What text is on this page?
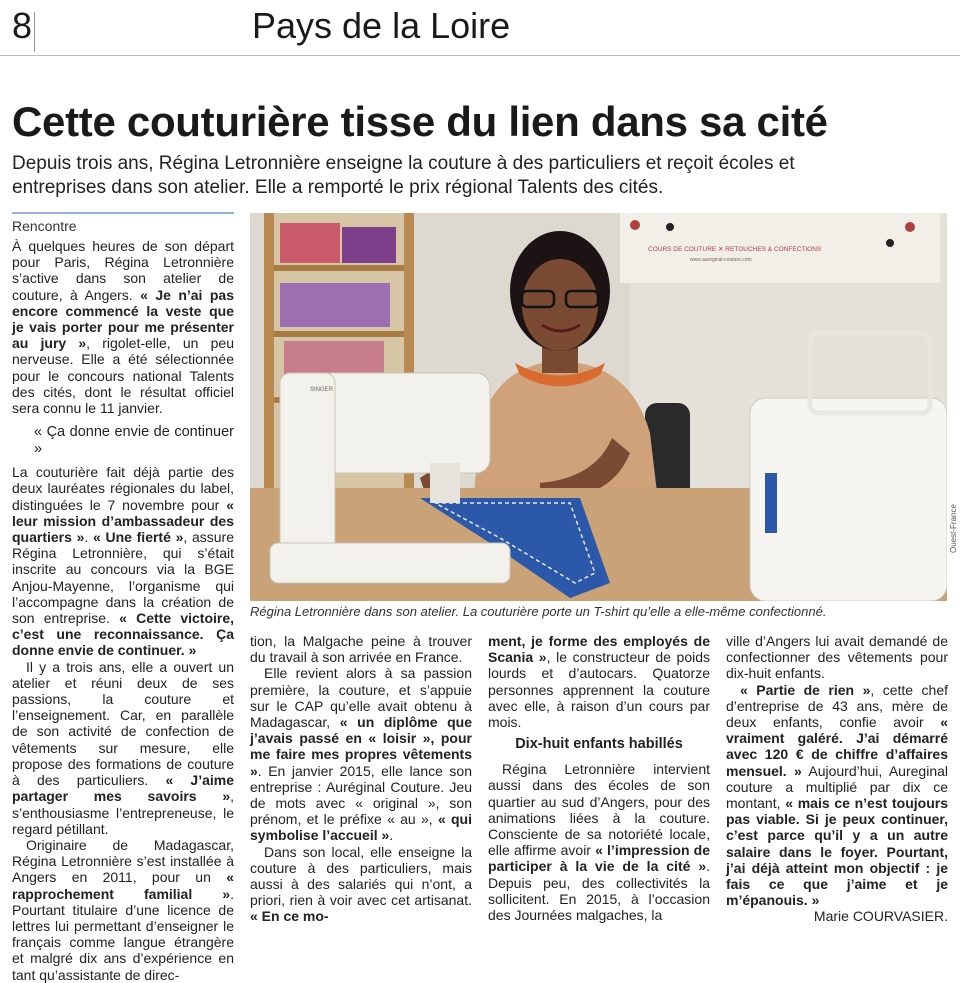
8	Pays de la Loire
Cette couturière tisse du lien dans sa cité
Depuis trois ans, Régina Letronnière enseigne la couture à des particuliers et reçoit écoles et entreprises dans son atelier. Elle a remporté le prix régional Talents des cités.
Rencontre

À quelques heures de son départ pour Paris, Régina Letronnière s’active dans son atelier de couture, à Angers. « Je n’ai pas encore commencé la veste que je vais porter pour me présenter au jury », rigolet-elle, un peu nerveuse. Elle a été sélectionnée pour le concours national Talents des cités, dont le résultat officiel sera connu le 11 janvier.

« Ça donne envie de continuer »

La couturière fait déjà partie des deux lauréates régionales du label, distinguées le 7 novembre pour « leur mission d’ambassadeur des quartiers ». « Une fierté », assure Régina Letronnière, qui s’était inscrite au concours via la BGE Anjou-Mayenne, l’organisme qui l’accompagne dans la création de son entreprise. « Cette victoire, c’est une reconnaissance. Ça donne envie de continuer. »

Il y a trois ans, elle a ouvert un atelier et réuni deux de ses passions, la couture et l’enseignement. Car, en parallèle de son activité de confection de vêtements sur mesure, elle propose des formations de couture à des particuliers. « J’aime partager mes savoirs », s’enthousiasme l’entrepreneuse, le regard pétillant.

Originaire de Madagascar, Régina Letronnière s’est installée à Angers en 2011, pour un « rapprochement familial ». Pourtant titulaire d’une licence de lettres lui permettant d’enseigner le français comme langue étrangère et malgré dix ans d’expérience en tant qu’assistante de direc-

COURS DE COUTURE ✕ RETOUCHES & CONFECTIONS
www.aureginal-couture.com
SINGER
Ouest-France
Régina Letronnière dans son atelier. La couturière porte un T-shirt qu’elle a elle-même confectionné.

tion, la Malgache peine à trouver du travail à son arrivée en France.

Elle revient alors à sa passion première, la couture, et s’appuie sur le CAP qu’elle avait obtenu à Madagascar, « un diplôme que j’avais passé en « loisir », pour me faire mes propres vêtements ». En janvier 2015, elle lance son entreprise : Auréginal Couture. Jeu de mots avec « original », son prénom, et le préfixe « au », « qui symbolise l’accueil ».

Dans son local, elle enseigne la couture à des particuliers, mais aussi à des salariés qui n’ont, a priori, rien à voir avec cet artisanat. « En ce mo-

ment, je forme des employés de Scania », le constructeur de poids lourds et d’autocars. Quatorze personnes apprennent la couture avec elle, à raison d’un cours par mois.

Dix-huit enfants habillés

Régina Letronnière intervient aussi dans des écoles de son quartier au sud d’Angers, pour des animations liées à la couture. Consciente de sa notoriété locale, elle affirme avoir « l’impression de participer à la vie de la cité ». Depuis peu, des collectivités la sollicitent. En 2015, à l’occasion des Journées malgaches, la

ville d’Angers lui avait demandé de confectionner des vêtements pour dix-huit enfants.

« Partie de rien », cette chef d’entreprise de 43 ans, mère de deux enfants, confie avoir « vraiment galéré. J’ai démarré avec 120 € de chiffre d’affaires mensuel. » Aujourd’hui, Aureginal couture a multiplié par dix ce montant, « mais ce n’est toujours pas viable. Si je peux continuer, c’est parce qu’il y a un autre salaire dans le foyer. Pourtant, j’ai déjà atteint mon objectif : je fais ce que j’aime et je m’épanouis. »

Marie COURVASIER.
